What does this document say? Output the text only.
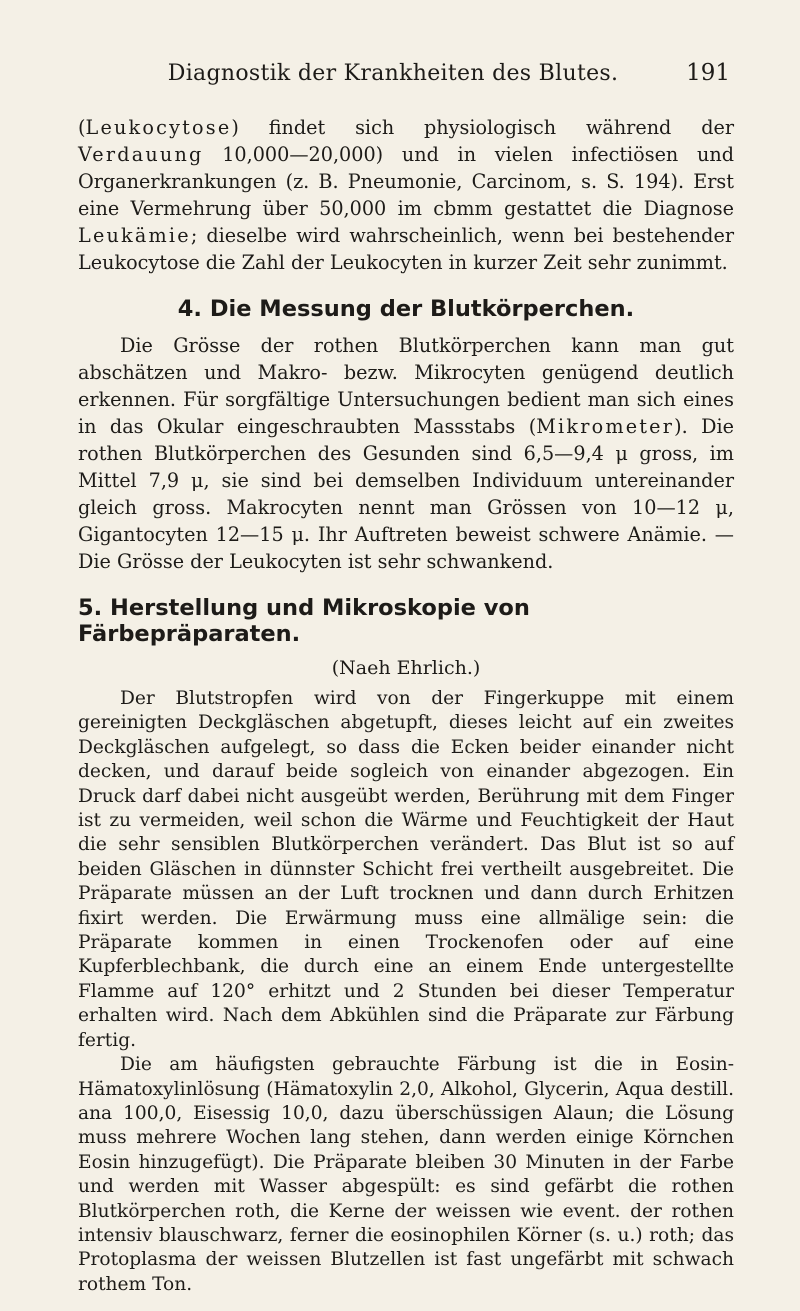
Diagnostik der Krankheiten des Blutes.	191

(Leukocytose) findet sich physiologisch während der Verdauung 10,000—20,000) und in vielen infectiösen und Organerkrankungen (z. B. Pneumonie, Carcinom, s. S. 194). Erst eine Vermehrung über 50,000 im cbmm gestattet die Diagnose Leukämie; dieselbe wird wahrscheinlich, wenn bei bestehender Leukocytose die Zahl der Leukocyten in kurzer Zeit sehr zunimmt.

4. Die Messung der Blutkörperchen.

Die Grösse der rothen Blutkörperchen kann man gut abschätzen und Makro- bezw. Mikrocyten genügend deutlich erkennen. Für sorgfältige Untersuchungen bedient man sich eines in das Okular eingeschraubten Massstabs (Mikrometer). Die rothen Blutkörperchen des Gesunden sind 6,5—9,4 μ gross, im Mittel 7,9 μ, sie sind bei demselben Individuum untereinander gleich gross. Makrocyten nennt man Grössen von 10—12 μ, Gigantocyten 12—15 μ. Ihr Auftreten beweist schwere Anämie. — Die Grösse der Leukocyten ist sehr schwankend.

5. Herstellung und Mikroskopie von Färbepräparaten.
(Naeh Ehrlich.)

Der Blutstropfen wird von der Fingerkuppe mit einem gereinigten Deckgläschen abgetupft, dieses leicht auf ein zweites Deckgläschen aufgelegt, so dass die Ecken beider einander nicht decken, und darauf beide sogleich von einander abgezogen. Ein Druck darf dabei nicht ausgeübt werden, Berührung mit dem Finger ist zu vermeiden, weil schon die Wärme und Feuchtigkeit der Haut die sehr sensiblen Blutkörperchen verändert. Das Blut ist so auf beiden Gläschen in dünnster Schicht frei vertheilt ausgebreitet. Die Präparate müssen an der Luft trocknen und dann durch Erhitzen fixirt werden. Die Erwärmung muss eine allmälige sein: die Präparate kommen in einen Trockenofen oder auf eine Kupferblechbank, die durch eine an einem Ende untergestellte Flamme auf 120° erhitzt und 2 Stunden bei dieser Temperatur erhalten wird. Nach dem Abkühlen sind die Präparate zur Färbung fertig.

Die am häufigsten gebrauchte Färbung ist die in Eosin-Hämatoxylinlösung (Hämatoxylin 2,0, Alkohol, Glycerin, Aqua destill. ana 100,0, Eisessig 10,0, dazu überschüssigen Alaun; die Lösung muss mehrere Wochen lang stehen, dann werden einige Körnchen Eosin hinzugefügt). Die Präparate bleiben 30 Minuten in der Farbe und werden mit Wasser abgespült: es sind gefärbt die rothen Blutkörperchen roth, die Kerne der weissen wie event. der rothen intensiv blauschwarz, ferner die eosinophilen Körner (s. u.) roth; das Protoplasma der weissen Blutzellen ist fast ungefärbt mit schwach rothem Ton.
